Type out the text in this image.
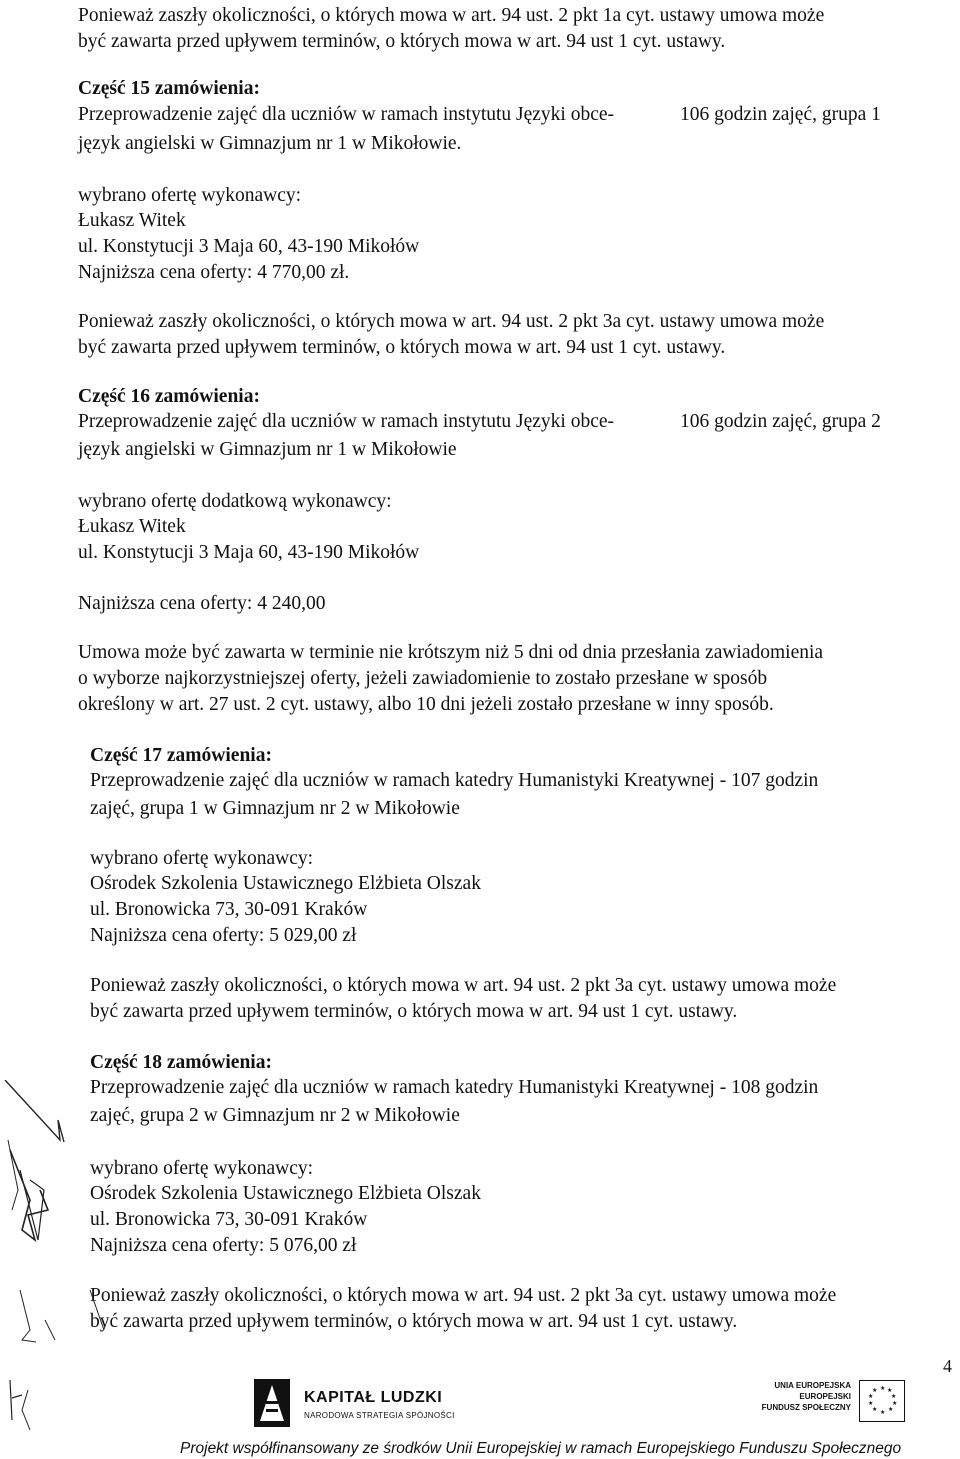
Ponieważ zaszły okoliczności, o których mowa w art. 94 ust. 2 pkt 1a cyt. ustawy umowa może
być zawarta przed upływem terminów, o których mowa w art. 94 ust 1 cyt. ustawy.
Część 15 zamówienia:
Przeprowadzenie zajęć dla uczniów w ramach instytutu Języki obce-	106 godzin zajęć, grupa 1
język angielski w Gimnazjum nr 1 w Mikołowie.
wybrano ofertę wykonawcy:
Łukasz Witek
ul. Konstytucji 3 Maja 60, 43-190 Mikołów
Najniższa cena oferty: 4 770,00 zł.
Ponieważ zaszły okoliczności, o których mowa w art. 94 ust. 2 pkt 3a cyt. ustawy umowa może
być zawarta przed upływem terminów, o których mowa w art. 94 ust 1 cyt. ustawy.
Część 16 zamówienia:
Przeprowadzenie zajęć dla uczniów w ramach instytutu Języki obce-	106 godzin zajęć, grupa 2
język angielski w Gimnazjum nr 1 w Mikołowie
wybrano ofertę dodatkową wykonawcy:
Łukasz Witek
ul. Konstytucji 3 Maja 60, 43-190 Mikołów
Najniższa cena oferty: 4 240,00
Umowa może być zawarta w terminie nie krótszym niż 5 dni od dnia przesłania zawiadomienia
o wyborze najkorzystniejszej oferty, jeżeli zawiadomienie to zostało przesłane w sposób
określony w art. 27 ust. 2 cyt. ustawy, albo 10 dni jeżeli zostało przesłane w inny sposób.
Część 17 zamówienia:
Przeprowadzenie zajęć dla uczniów w ramach katedry Humanistyki Kreatywnej - 107 godzin
zajęć, grupa 1 w Gimnazjum nr 2 w Mikołowie
wybrano ofertę wykonawcy:
Ośrodek Szkolenia Ustawicznego Elżbieta Olszak
ul. Bronowicka 73, 30-091 Kraków
Najniższa cena oferty: 5 029,00 zł
Ponieważ zaszły okoliczności, o których mowa w art. 94 ust. 2 pkt 3a cyt. ustawy umowa może
być zawarta przed upływem terminów, o których mowa w art. 94 ust 1 cyt. ustawy.
Część 18 zamówienia:
Przeprowadzenie zajęć dla uczniów w ramach katedry Humanistyki Kreatywnej - 108 godzin
zajęć, grupa 2 w Gimnazjum nr 2 w Mikołowie
wybrano ofertę wykonawcy:
Ośrodek Szkolenia Ustawicznego Elżbieta Olszak
ul. Bronowicka 73, 30-091 Kraków
Najniższa cena oferty: 5 076,00 zł
Ponieważ zaszły okoliczności, o których mowa w art. 94 ust. 2 pkt 3a cyt. ustawy umowa może
być zawarta przed upływem terminów, o których mowa w art. 94 ust 1 cyt. ustawy.
4
KAPITAŁ LUDZKI
NARODOWA STRATEGIA SPÓJNOŚCI
UNIA EUROPEJSKA
EUROPEJSKI
FUNDUSZ SPOŁECZNY
★ ★
★
★
★
★
★
★
★
★
Projekt współfinansowany ze środków Unii Europejskiej w ramach Europejskiego Funduszu Społecznego
